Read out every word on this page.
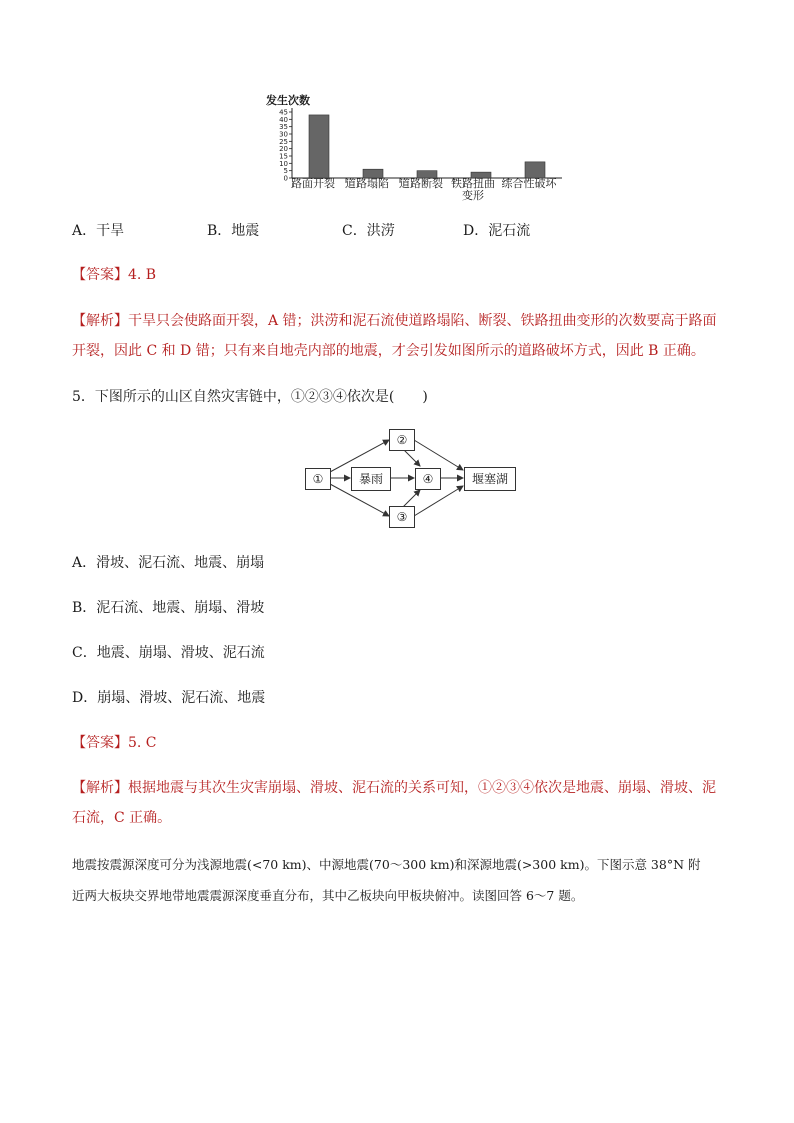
发生次数
0
5
10
15
20
25
30
35
40
45
路面开裂 道路塌陷 道路断裂 铁路扭曲
变形
综合性破坏
A．干旱	B．地震	C．洪涝	D．泥石流
【答案】4. B
【解析】干旱只会使路面开裂，A 错；洪涝和泥石流使道路塌陷、断裂、铁路扭曲变形的次数要高于路面
开裂，因此 C 和 D 错；只有来自地壳内部的地震，才会引发如图所示的道路破坏方式，因此 B 正确。
5．下图所示的山区自然灾害链中，①②③④依次是(　　)
①
②
③
暴雨	④	堰塞湖
A．滑坡、泥石流、地震、崩塌
B．泥石流、地震、崩塌、滑坡
C．地震、崩塌、滑坡、泥石流
D．崩塌、滑坡、泥石流、地震
【答案】5. C
【解析】根据地震与其次生灾害崩塌、滑坡、泥石流的关系可知，①②③④依次是地震、崩塌、滑坡、泥
石流，C 正确。
地震按震源深度可分为浅源地震(<70 km)、中源地震(70～300 km)和深源地震(>300 km)。下图示意 38°N 附
近两大板块交界地带地震震源深度垂直分布，其中乙板块向甲板块俯冲。读图回答 6～7 题。
